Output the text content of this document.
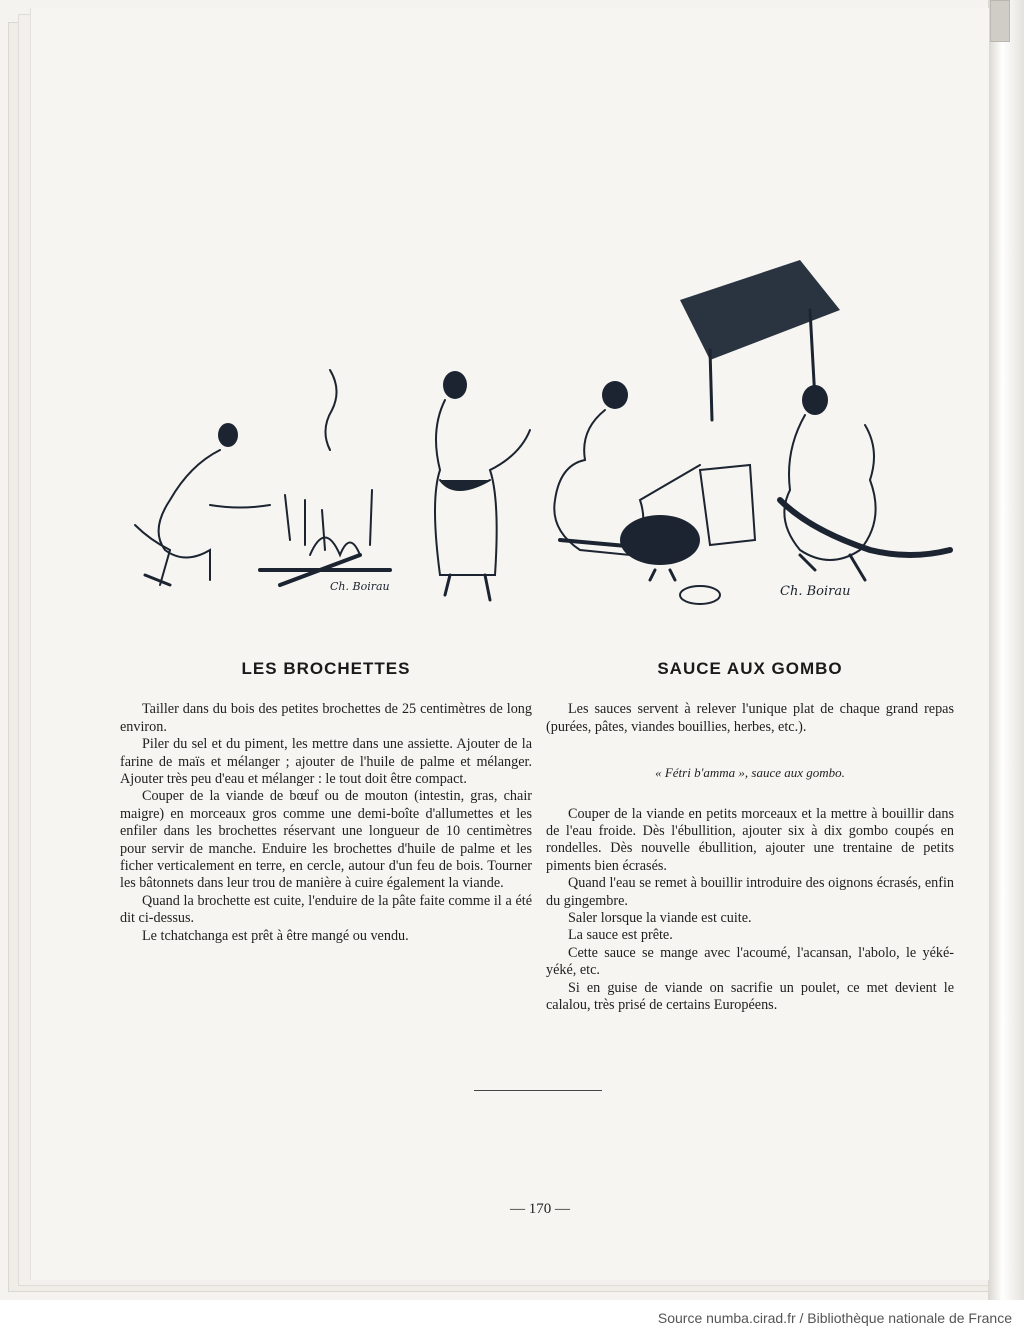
Ch. Boirau	Ch. Boirau
LES BROCHETTES

Tailler dans du bois des petites brochettes de 25 centimètres de long environ.

Piler du sel et du piment, les mettre dans une assiette. Ajouter de la farine de maïs et mélanger ; ajouter de l'huile de palme et mélanger. Ajouter très peu d'eau et mélanger : le tout doit être compact.

Couper de la viande de bœuf ou de mouton (intestin, gras, chair maigre) en morceaux gros comme une demi-boîte d'allumettes et les enfiler dans les brochettes réservant une longueur de 10 centimètres pour servir de manche. Enduire les brochettes d'huile de palme et les ficher verticalement en terre, en cercle, autour d'un feu de bois. Tourner les bâtonnets dans leur trou de manière à cuire également la viande.

Quand la brochette est cuite, l'enduire de la pâte faite comme il a été dit ci-dessus.

Le tchatchanga est prêt à être mangé ou vendu.

SAUCE AUX GOMBO

Les sauces servent à relever l'unique plat de chaque grand repas (purées, pâtes, viandes bouillies, herbes, etc.).

« Fétri b'amma », sauce aux gombo.

Couper de la viande en petits morceaux et la mettre à bouillir dans de l'eau froide. Dès l'ébullition, ajouter six à dix gombo coupés en rondelles. Dès nouvelle ébullition, ajouter une trentaine de petits piments bien écrasés.

Quand l'eau se remet à bouillir introduire des oignons écrasés, enfin du gingembre.

Saler lorsque la viande est cuite.

La sauce est prête.

Cette sauce se mange avec l'acoumé, l'acansan, l'abolo, le yéké-yéké, etc.

Si en guise de viande on sacrifie un poulet, ce met devient le calalou, très prisé de certains Européens.

— 170 —
Source numba.cirad.fr / Bibliothèque nationale de France
